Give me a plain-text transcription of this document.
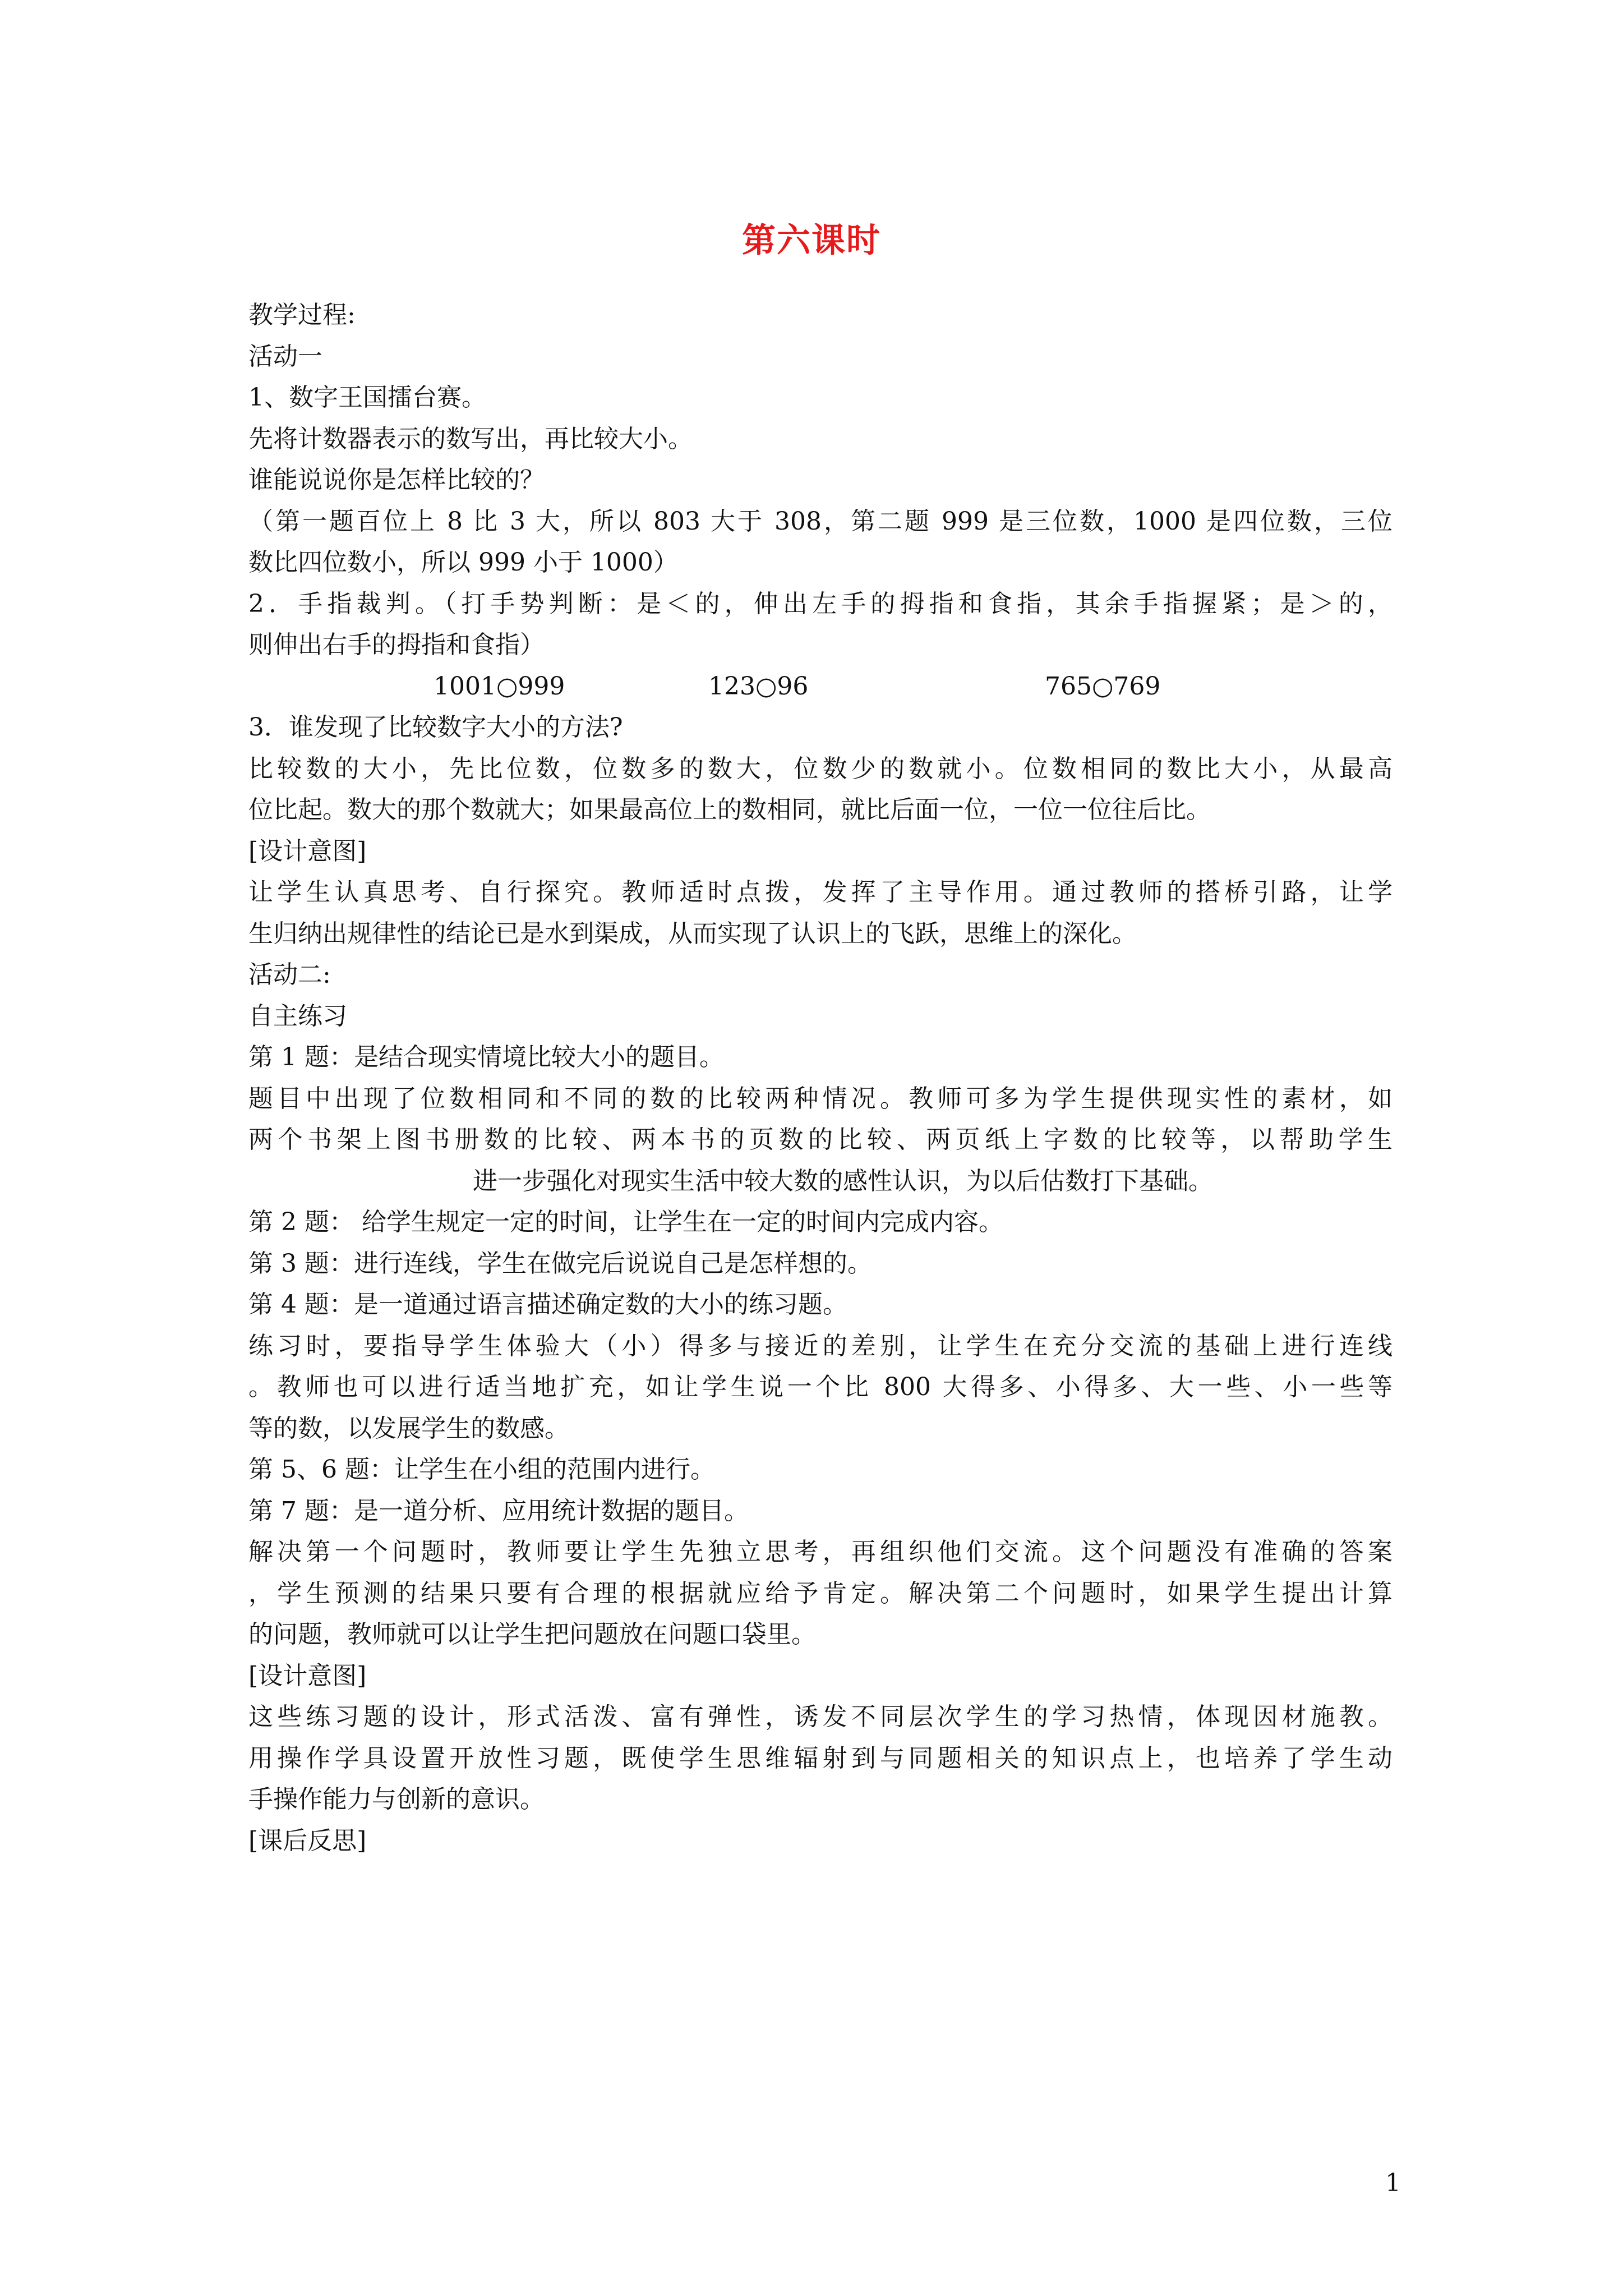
第六课时
教学过程:
活动一
1、数字王国擂台赛。
先将计数器表示的数写出，再比较大小。
谁能说说你是怎样比较的？
（第一题百位上 8 比 3 大，所以 803 大于 308，第二题 999 是三位数，1000 是四位数，三位
数比四位数小，所以 999 小于 1000）
2．手指裁判。（打手势判断：是＜的，伸出左手的拇指和食指，其余手指握紧；是＞的，
则伸出右手的拇指和食指）
1001○999	123○96	765○769
3．谁发现了比较数字大小的方法?
比较数的大小，先比位数，位数多的数大，位数少的数就小。位数相同的数比大小，从最高
位比起。数大的那个数就大；如果最高位上的数相同，就比后面一位，一位一位往后比。
[设计意图]
让学生认真思考、自行探究。教师适时点拨，发挥了主导作用。通过教师的搭桥引路，让学
生归纳出规律性的结论已是水到渠成，从而实现了认识上的飞跃，思维上的深化。
活动二:
自主练习
第 1 题：是结合现实情境比较大小的题目。
题目中出现了位数相同和不同的数的比较两种情况。教师可多为学生提供现实性的素材，如
两个书架上图书册数的比较、两本书的页数的比较、两页纸上字数的比较等，以帮助学生
进一步强化对现实生活中较大数的感性认识，为以后估数打下基础。
第 2 题： 给学生规定一定的时间，让学生在一定的时间内完成内容。
第 3 题：进行连线，学生在做完后说说自己是怎样想的。
第 4 题：是一道通过语言描述确定数的大小的练习题。
练习时，要指导学生体验大（小）得多与接近的差别，让学生在充分交流的基础上进行连线
。教师也可以进行适当地扩充，如让学生说一个比 800 大得多、小得多、大一些、小一些等
等的数，以发展学生的数感。
第 5、6 题：让学生在小组的范围内进行。
第 7 题：是一道分析、应用统计数据的题目。
解决第一个问题时，教师要让学生先独立思考，再组织他们交流。这个问题没有准确的答案
，学生预测的结果只要有合理的根据就应给予肯定。解决第二个问题时，如果学生提出计算
的问题，教师就可以让学生把问题放在问题口袋里。
[设计意图]
这些练习题的设计，形式活泼、富有弹性，诱发不同层次学生的学习热情，体现因材施教。
用操作学具设置开放性习题，既使学生思维辐射到与同题相关的知识点上，也培养了学生动
手操作能力与创新的意识。
[课后反思]
1
